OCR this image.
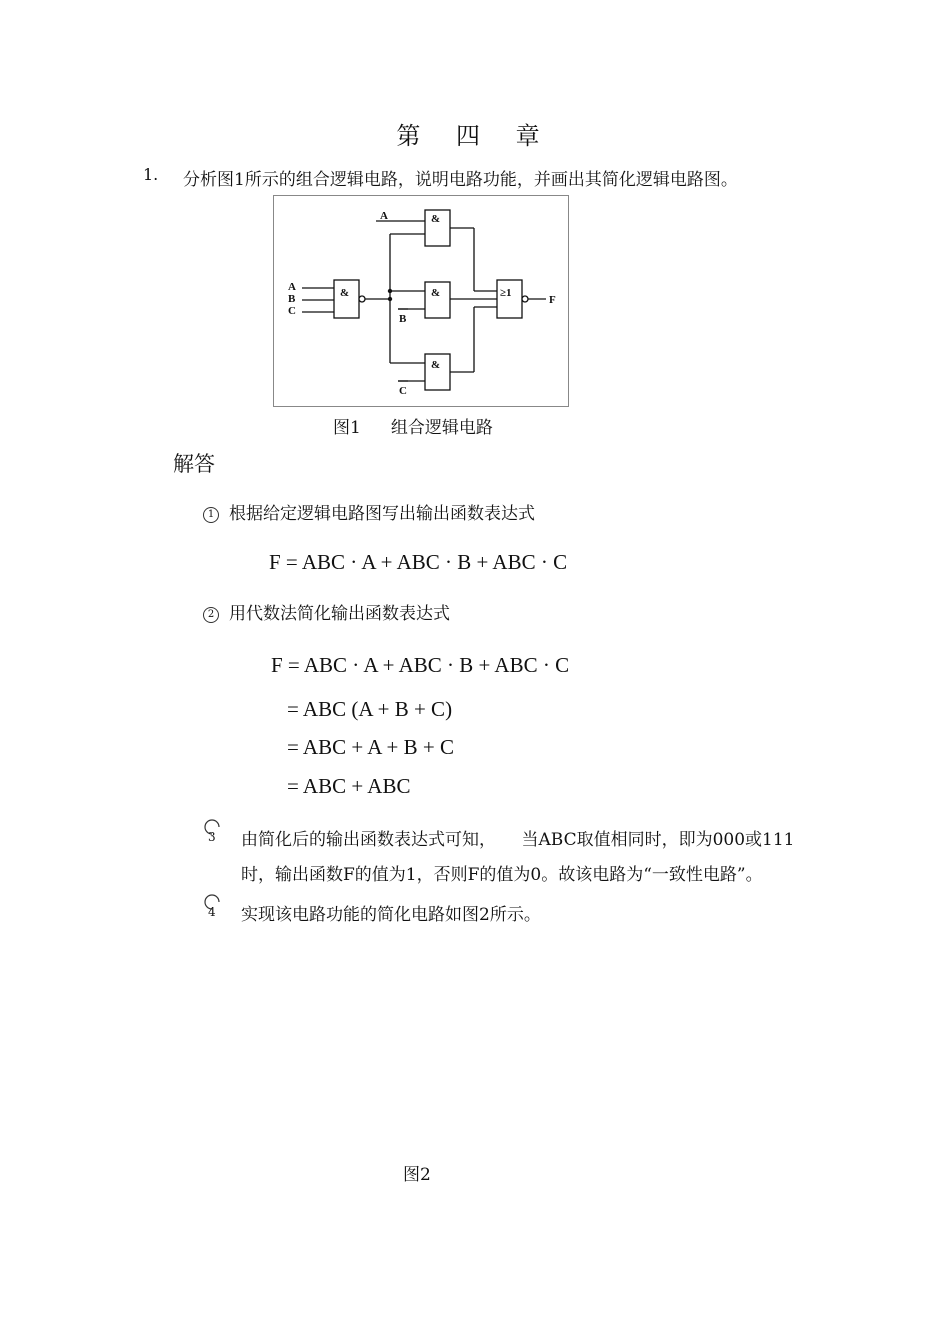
第 四 章
1. 分析图1所示的组合逻辑电路，说明电路功能，并画出其简化逻辑电路图。
A
B
C
&
&
&
&
≥1
A
B
C
F
图1 组合逻辑电路
解答
1 根据给定逻辑电路图写出输出函数表达式
F = ABC · A + ABC · B + ABC · C
2 用代数法简化输出函数表达式
F = ABC · A + ABC · B + ABC · C
= ABC (A + B + C)
= ABC + A + B + C
= ABC + ABC
3 由简化后的输出函数表达式可知，　　当ABC取值相同时，即为000或111
时，输出函数F的值为1，否则F的值为0。故该电路为“一致性电路”。
4 实现该电路功能的简化电路如图2所示。
图2
